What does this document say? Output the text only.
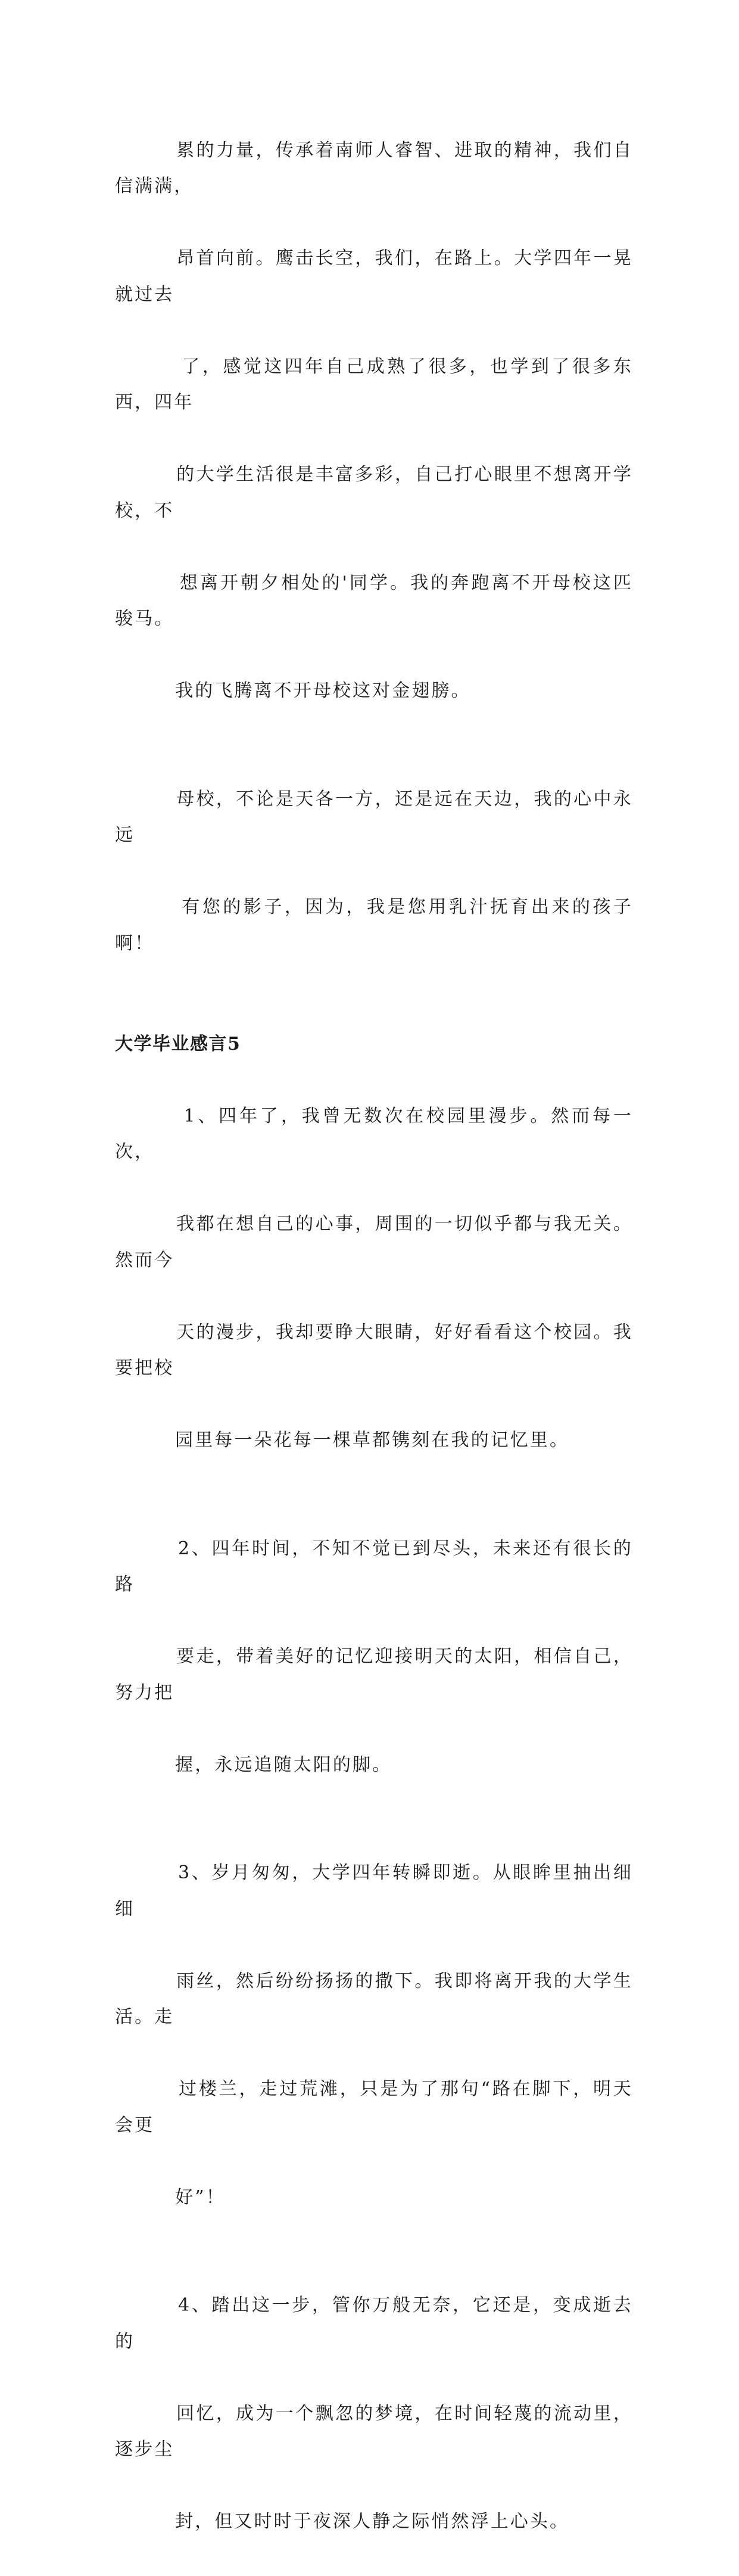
累的力量，传承着南师人睿智、进取的精神，我们自信满满，

昂首向前。鹰击长空，我们，在路上。大学四年一晃就过去

了，感觉这四年自己成熟了很多，也学到了很多东西，四年

的大学生活很是丰富多彩，自己打心眼里不想离开学校，不

想离开朝夕相处的'同学。我的奔跑离不开母校这匹骏马。

我的飞腾离不开母校这对金翅膀。

母校，不论是天各一方，还是远在天边，我的心中永远

有您的影子，因为，我是您用乳汁抚育出来的孩子啊！

大学毕业感言5

1、四年了，我曾无数次在校园里漫步。然而每一次，

我都在想自己的心事，周围的一切似乎都与我无关。然而今

天的漫步，我却要睁大眼睛，好好看看这个校园。我要把校

园里每一朵花每一棵草都镌刻在我的记忆里。

2、四年时间，不知不觉已到尽头，未来还有很长的路

要走，带着美好的记忆迎接明天的太阳，相信自己，努力把

握，永远追随太阳的脚。

3、岁月匆匆，大学四年转瞬即逝。从眼眸里抽出细细

雨丝，然后纷纷扬扬的撒下。我即将离开我的大学生活。走

过楼兰，走过荒滩，只是为了那句“路在脚下，明天会更

好”！

4、踏出这一步，管你万般无奈，它还是，变成逝去的

回忆，成为一个飘忽的梦境，在时间轻蔑的流动里，逐步尘

封，但又时时于夜深人静之际悄然浮上心头。
